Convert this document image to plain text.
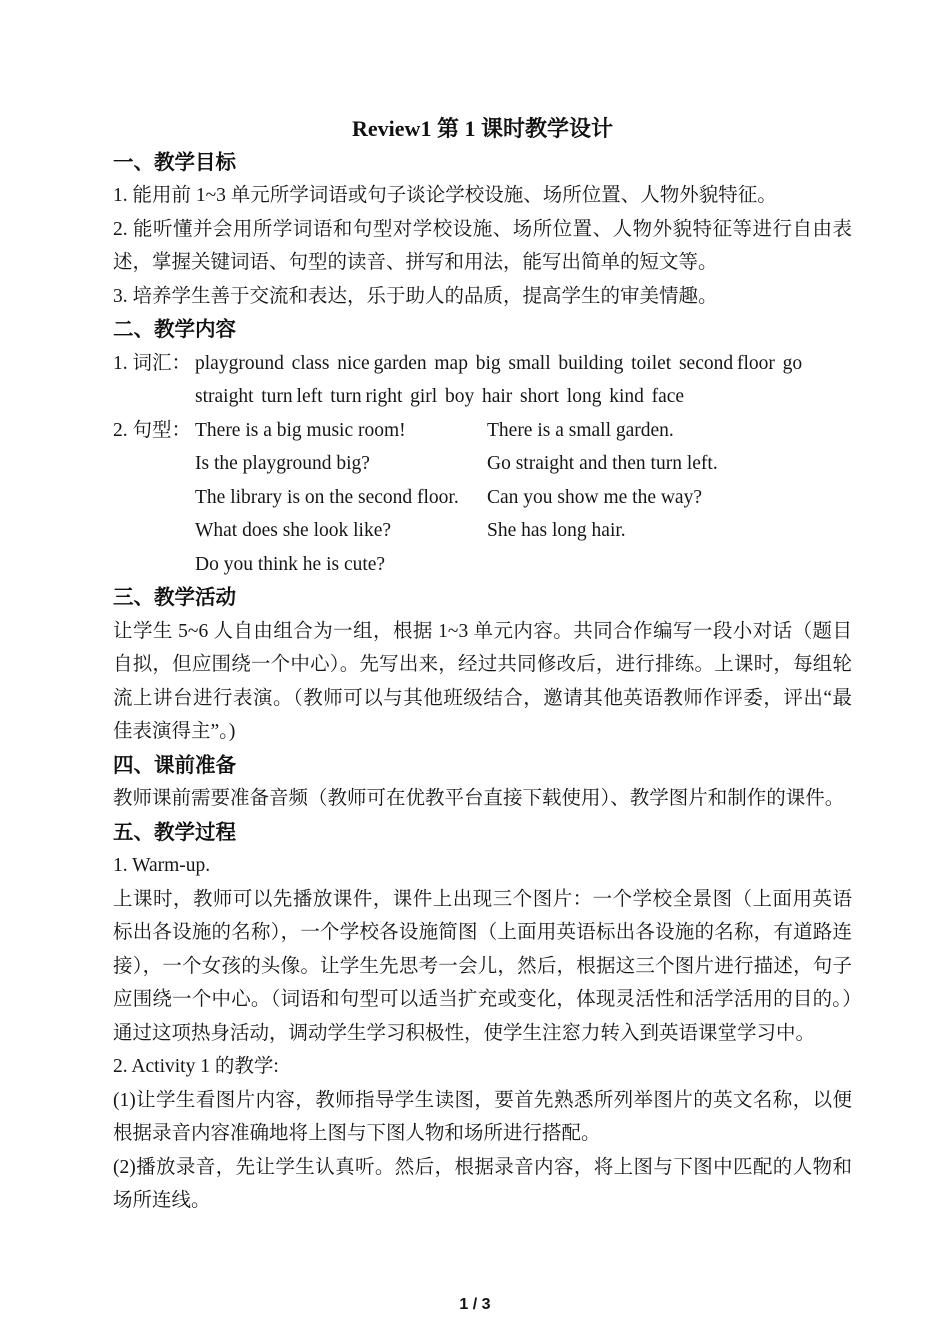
Review1 第 1 课时教学设计
一、教学目标
1. 能用前 1~3 单元所学词语或句子谈论学校设施、场所位置、人物外貌特征。
2. 能听懂并会用所学词语和句型对学校设施、场所位置、人物外貌特征等进行自由表述，掌握关键词语、句型的读音、拼写和用法，能写出简单的短文等。
3. 培养学生善于交流和表达，乐于助人的品质，提高学生的审美情趣。
二、教学内容
1. 词汇： playground  class  nice garden  map  big  small  building  toilet  second floor  go
straight  turn left  turn right  girl  boy  hair  short  long  kind  face
2. 句型： There is a big music room!	There is a small garden.
Is the playground big?	Go straight and then turn left.
The library is on the second floor.	Can you show me the way?
What does she look like?	She has long hair.
Do you think he is cute?
三、教学活动
让学生 5~6 人自由组合为一组，根据 1~3 单元内容。共同合作编写一段小对话（题目自拟，但应围绕一个中心）。先写出来，经过共同修改后，进行排练。上课时，每组轮流上讲台进行表演。（教师可以与其他班级结合，邀请其他英语教师作评委，评出“最佳表演得主”。)
四、课前准备
教师课前需要准备音频（教师可在优教平台直接下载使用）、教学图片和制作的课件。
五、教学过程
1. Warm-up.
上课时，教师可以先播放课件，课件上出现三个图片：一个学校全景图（上面用英语标出各设施的名称），一个学校各设施简图（上面用英语标出各设施的名称，有道路连接），一个女孩的头像。让学生先思考一会儿，然后，根据这三个图片进行描述，句子应围绕一个中心。（词语和句型可以适当扩充或变化，体现灵活性和活学活用的目的。）通过这项热身活动，调动学生学习积极性，使学生注窓力转入到英语课堂学习中。
2. Activity 1 的教学:
(1)让学生看图片内容，教师指导学生读图，要首先熟悉所列举图片的英文名称，以便根据录音内容准确地将上图与下图人物和场所进行搭配。
(2)播放录音，先让学生认真听。然后，根据录音内容，将上图与下图中匹配的人物和场所连线。
1 / 3
